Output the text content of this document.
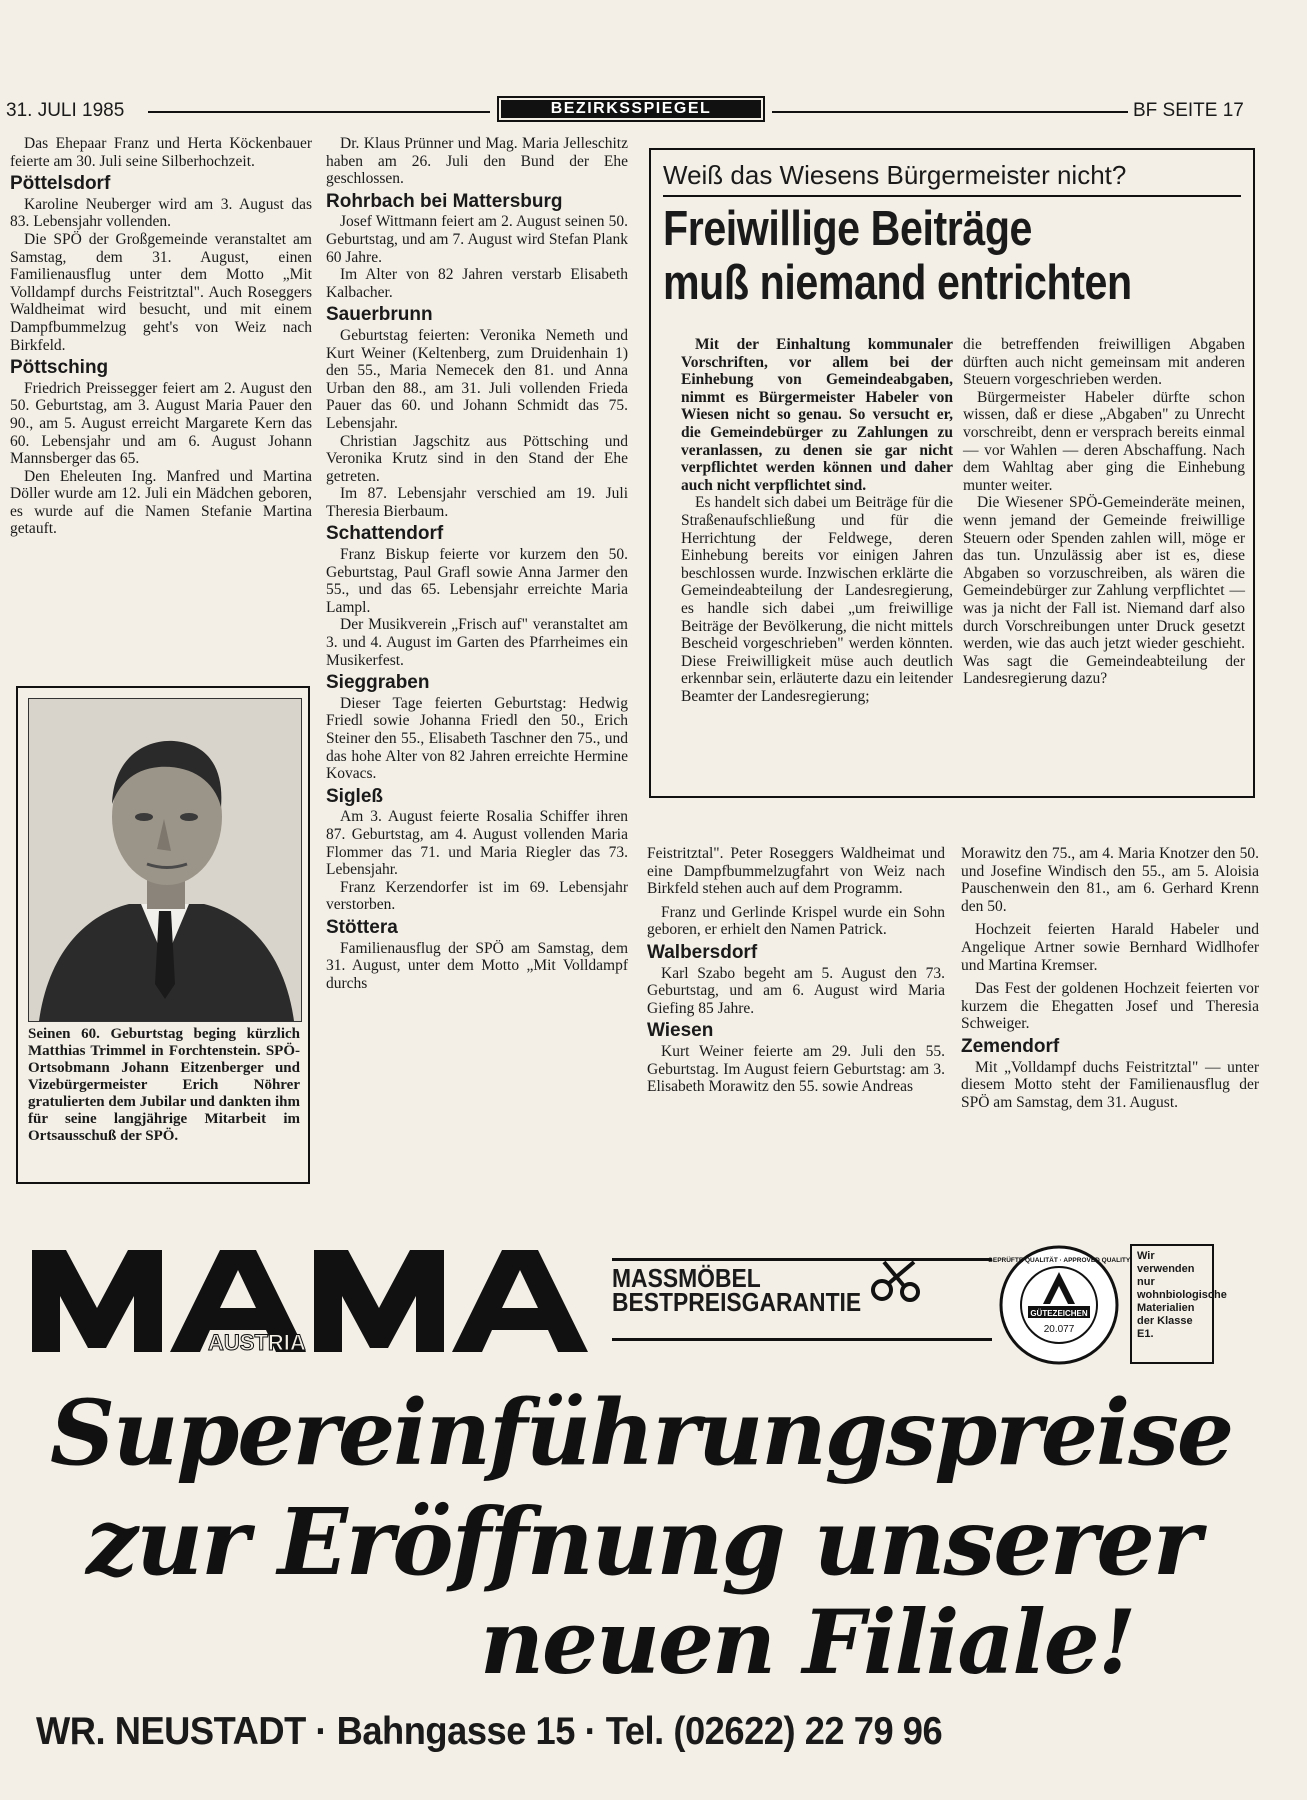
31. JULI 1985	BEZIRKSSPIEGEL	BF SEITE 17

Das Ehepaar Franz und Herta Köckenbauer feierte am 30. Juli seine Silberhochzeit.

Pöttelsdorf

Karoline Neuberger wird am 3. August das 83. Lebensjahr vollenden.

Die SPÖ der Großgemeinde veranstaltet am Samstag, dem 31. August, einen Familienausflug unter dem Motto „Mit Volldampf durchs Feistritztal". Auch Roseggers Waldheimat wird besucht, und mit einem Dampfbummelzug geht's von Weiz nach Birkfeld.

Pöttsching

Friedrich Preissegger feiert am 2. August den 50. Geburtstag, am 3. August Maria Pauer den 90., am 5. August erreicht Margarete Kern das 60. Lebensjahr und am 6. August Johann Mannsberger das 65.

Den Eheleuten Ing. Manfred und Martina Döller wurde am 12. Juli ein Mädchen geboren, es wurde auf die Namen Stefanie Martina getauft.

Seinen 60. Geburtstag beging kürzlich Matthias Trimmel in Forchtenstein. SPÖ-Ortsobmann Johann Eitzenberger und Vizebürgermeister Erich Nöhrer gratulierten dem Jubilar und dankten ihm für seine langjährige Mitarbeit im Ortsausschuß der SPÖ.

Dr. Klaus Prünner und Mag. Maria Jelleschitz haben am 26. Juli den Bund der Ehe geschlossen.

Rohrbach bei Mattersburg

Josef Wittmann feiert am 2. August seinen 50. Geburtstag, und am 7. August wird Stefan Plank 60 Jahre.

Im Alter von 82 Jahren verstarb Elisabeth Kalbacher.

Sauerbrunn

Geburtstag feierten: Veronika Nemeth und Kurt Weiner (Keltenberg, zum Druidenhain 1) den 55., Maria Nemecek den 81. und Anna Urban den 88., am 31. Juli vollenden Frieda Pauer das 60. und Johann Schmidt das 75. Lebensjahr.

Christian Jagschitz aus Pöttsching und Veronika Krutz sind in den Stand der Ehe getreten.

Im 87. Lebensjahr verschied am 19. Juli Theresia Bierbaum.

Schattendorf

Franz Biskup feierte vor kurzem den 50. Geburtstag, Paul Grafl sowie Anna Jarmer den 55., und das 65. Lebensjahr erreichte Maria Lampl.

Der Musikverein „Frisch auf" veranstaltet am 3. und 4. August im Garten des Pfarrheimes ein Musikerfest.

Sieggraben

Dieser Tage feierten Geburtstag: Hedwig Friedl sowie Johanna Friedl den 50., Erich Steiner den 55., Elisabeth Taschner den 75., und das hohe Alter von 82 Jahren erreichte Hermine Kovacs.

Sigleß

Am 3. August feierte Rosalia Schiffer ihren 87. Geburtstag, am 4. August vollenden Maria Flommer das 71. und Maria Riegler das 73. Lebensjahr.

Franz Kerzendorfer ist im 69. Lebensjahr verstorben.

Stöttera

Familienausflug der SPÖ am Samstag, dem 31. August, unter dem Motto „Mit Volldampf durchs

Weiß das Wiesens Bürgermeister nicht?
Freiwillige Beiträge
muß niemand entrichten

Mit der Einhaltung kommunaler Vorschriften, vor allem bei der Einhebung von Gemeindeabgaben, nimmt es Bürgermeister Habeler von Wiesen nicht so genau. So versucht er, die Gemeindebürger zu Zahlungen zu veranlassen, zu denen sie gar nicht verpflichtet werden können und daher auch nicht verpflichtet sind.

Es handelt sich dabei um Beiträge für die Straßenaufschließung und für die Herrichtung der Feldwege, deren Einhebung bereits vor einigen Jahren beschlossen wurde. Inzwischen erklärte die Gemeindeabteilung der Landesregierung, es handle sich dabei „um freiwillige Beiträge der Bevölkerung, die nicht mittels Bescheid vorgeschrieben" werden könnten. Diese Freiwilligkeit müse auch deutlich erkennbar sein, erläuterte dazu ein leitender Beamter der Landesregierung;

die betreffenden freiwilligen Abgaben dürften auch nicht gemeinsam mit anderen Steuern vorgeschrieben werden.

Bürgermeister Habeler dürfte schon wissen, daß er diese „Abgaben" zu Unrecht vorschreibt, denn er versprach bereits einmal — vor Wahlen — deren Abschaffung. Nach dem Wahltag aber ging die Einhebung munter weiter.

Die Wiesener SPÖ-Gemeinderäte meinen, wenn jemand der Gemeinde freiwillige Steuern oder Spenden zahlen will, möge er das tun. Unzulässig aber ist es, diese Abgaben so vorzuschreiben, als wären die Gemeindebürger zur Zahlung verpflichtet — was ja nicht der Fall ist. Niemand darf also durch Vorschreibungen unter Druck gesetzt werden, wie das auch jetzt wieder geschieht. Was sagt die Gemeindeabteilung der Landesregierung dazu?

Feistritztal". Peter Roseggers Waldheimat und eine Dampfbummelzugfahrt von Weiz nach Birkfeld stehen auch auf dem Programm.

Franz und Gerlinde Krispel wurde ein Sohn geboren, er erhielt den Namen Patrick.

Walbersdorf

Karl Szabo begeht am 5. August den 73. Geburtstag, und am 6. August wird Maria Giefing 85 Jahre.

Wiesen

Kurt Weiner feierte am 29. Juli den 55. Geburtstag. Im August feiern Geburtstag: am 3. Elisabeth Morawitz den 55. sowie Andreas

Morawitz den 75., am 4. Maria Knotzer den 50. und Josefine Windisch den 55., am 5. Aloisia Pauschenwein den 81., am 6. Gerhard Krenn den 50.

Hochzeit feierten Harald Habeler und Angelique Artner sowie Bernhard Widlhofer und Martina Kremser.

Das Fest der goldenen Hochzeit feierten vor kurzem die Ehegatten Josef und Theresia Schweiger.

Zemendorf

Mit „Volldampf duchs Feistritztal" — unter diesem Motto steht der Familienausflug der SPÖ am Samstag, dem 31. August.

AUSTRIA
MASSMÖBEL
BESTPREISGARANTIE	GÜTEZEICHEN
20.077
GEPRÜFTE QUALITÄT · APPROVED QUALITY Wir verwenden nur wohnbiologische Materialien der Klasse E1.
Supereinführungspreise
zur Eröffnung unserer
neuen Filiale!
WR. NEUSTADT · Bahngasse 15 · Tel. (02622) 22 79 96
